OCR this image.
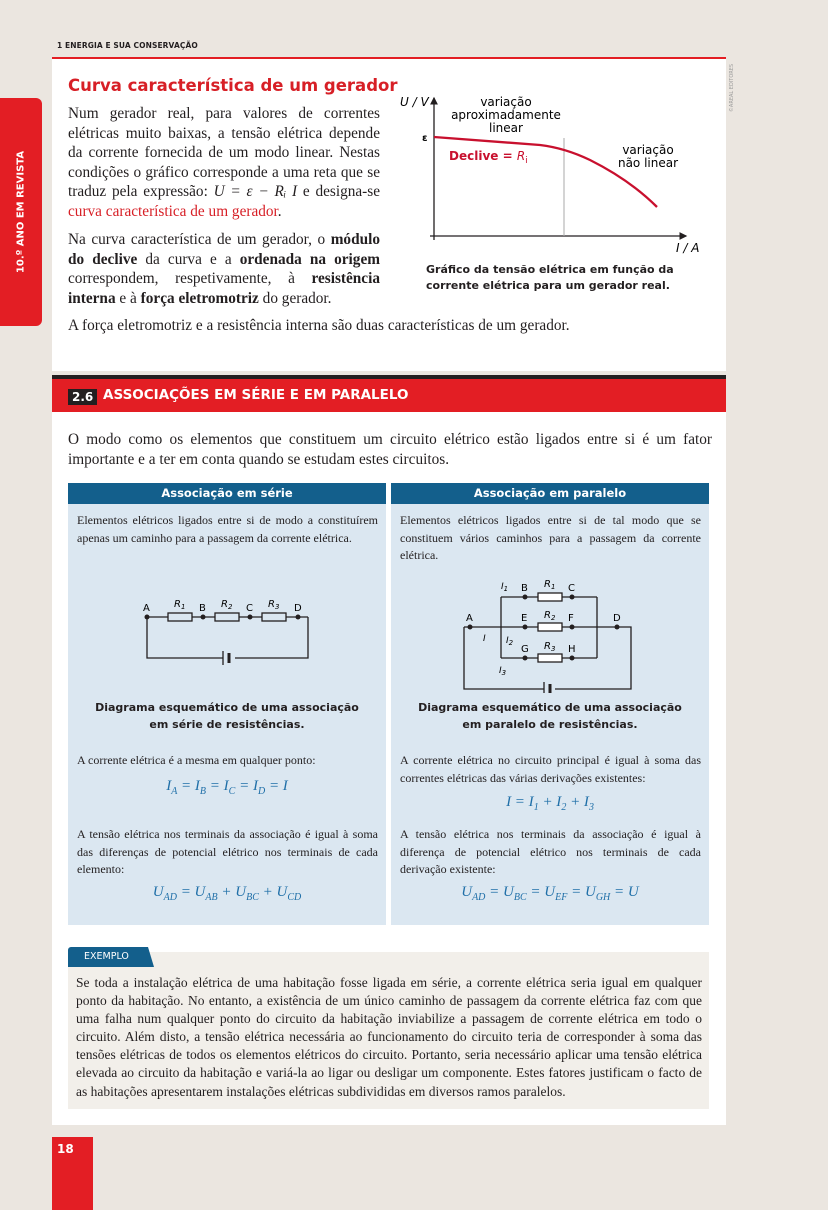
1 ENERGIA E SUA CONSERVAÇÃO
10.º ANO EM REVISTA
©AREAL EDITORES
Curva característica de um gerador
Num gerador real, para valores de correntes elétricas muito baixas, a tensão elétrica depende da corrente fornecida de um modo linear. Nestas condições o gráfico corresponde a uma reta que se traduz pela expressão: U = ε − Rᵢ I e designa-se curva característica de um gerador.
Na curva característica de um gerador, o módulo do declive da curva e a ordenada na origem correspondem, respetivamente, à resistência interna e à força eletromotriz do gerador.
U / V
I / A
ε
variação
aproximadamente
linear
variação
não linear
Declive = $R_i$
Gráfico da tensão elétrica em função da corrente elétrica para um gerador real.
A força eletromotriz e a resistência interna são duas características de um gerador.
2.6 ASSOCIAÇÕES EM SÉRIE E EM PARALELO
O modo como os elementos que constituem um circuito elétrico estão ligados entre si é um fator importante e a ter em conta quando se estudam estes circuitos.
Associação em série
Elementos elétricos ligados entre si de modo a constituírem apenas um caminho para a passagem da corrente elétrica.
A	B	C	D
$R_1$	$R_2$	$R_3$
Diagrama esquemático de uma associação
em série de resistências.
A corrente elétrica é a mesma em qualquer ponto:
$I_A = I_B = I_C = I_D = I$
A tensão elétrica nos terminais da associação é igual à soma das diferenças de potencial elétrico nos terminais de cada elemento:
$U_{AD} = U_{AB} + U_{BC} + U_{CD}$
Associação em paralelo
Elementos elétricos ligados entre si de tal modo que se constituem vários caminhos para a passagem da corrente elétrica.
A
B	C
D
E	F
G	H
$R_1$
$R_2$
$R_3$
I
$I_1$
$I_2$
$I_3$
Diagrama esquemático de uma associação
em paralelo de resistências.
A corrente elétrica no circuito principal é igual à soma das correntes elétricas das várias derivações existentes:
$I = I_1 + I_2 + I_3$
A tensão elétrica nos terminais da associação é igual à diferença de potencial elétrico nos terminais de cada derivação existente:
$U_{AD} = U_{BC} = U_{EF} = U_{GH} = U$
EXEMPLO
Se toda a instalação elétrica de uma habitação fosse ligada em série, a corrente elétrica seria igual em qualquer ponto da habitação. No entanto, a existência de um único caminho de passagem da corrente elétrica faz com que uma falha num qualquer ponto do circuito da habitação inviabilize a passagem de corrente elétrica em todo o circuito. Além disto, a tensão elétrica necessária ao funcionamento do circuito teria de corresponder à soma das tensões elétricas de todos os elementos elétricos do circuito. Portanto, seria necessário aplicar uma tensão elétrica elevada ao circuito da habitação e variá-la ao ligar ou desligar um componente. Estes fatores justificam o facto de as habitações apresentarem instalações elétricas subdivididas em diversos ramos paralelos.
18
